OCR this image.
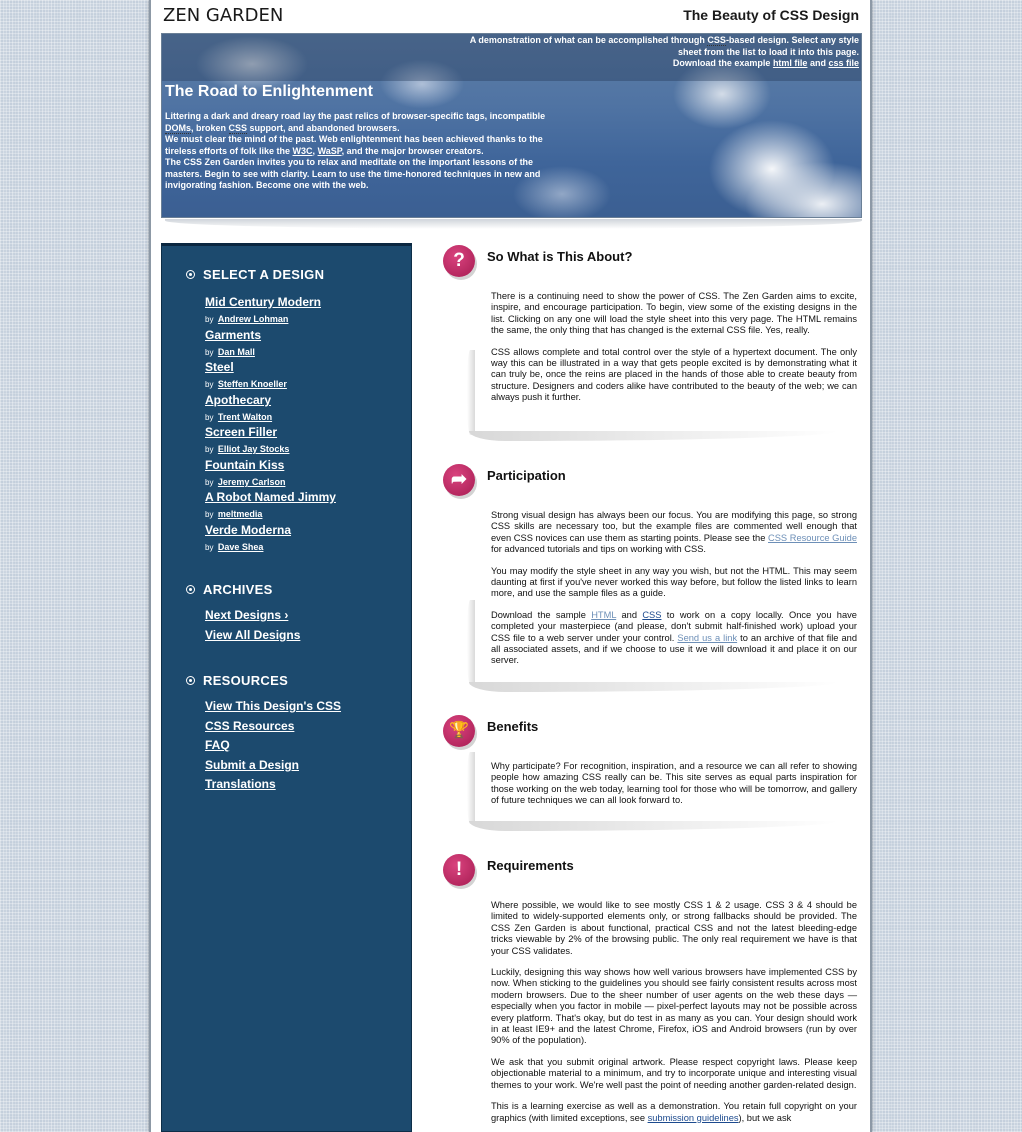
ZEN GARDEN	The Beauty of CSS Design
A demonstration of what can be accomplished through CSS-based design. Select any style sheet from the list to load it into this page.
Download the example html file and css file
The Road to Enlightenment
Littering a dark and dreary road lay the past relics of browser-specific tags, incompatible DOMs, broken CSS support, and abandoned browsers.
We must clear the mind of the past. Web enlightenment has been achieved thanks to the tireless efforts of folk like the W3C, WaSP, and the major browser creators.
The CSS Zen Garden invites you to relax and meditate on the important lessons of the masters. Begin to see with clarity. Learn to use the time-honored techniques in new and invigorating fashion. Become one with the web.
SELECT A DESIGN
Mid Century Modern
by Andrew Lohman
Garments
by Dan Mall
Steel
by Steffen Knoeller
Apothecary
by Trent Walton
Screen Filler
by Elliot Jay Stocks
Fountain Kiss
by Jeremy Carlson
A Robot Named Jimmy
by meltmedia
Verde Moderna
by Dave Shea
ARCHIVES
Next Designs ›
View All Designs
RESOURCES
View This Design's CSS
CSS Resources
FAQ
Submit a Design
Translations
?	So What is This About?

There is a continuing need to show the power of CSS. The Zen Garden aims to excite, inspire, and encourage participation. To begin, view some of the existing designs in the list. Clicking on any one will load the style sheet into this very page. The HTML remains the same, the only thing that has changed is the external CSS file. Yes, really.

CSS allows complete and total control over the style of a hypertext document. The only way this can be illustrated in a way that gets people excited is by demonstrating what it can truly be, once the reins are placed in the hands of those able to create beauty from structure. Designers and coders alike have contributed to the beauty of the web; we can always push it further.

➦	Participation

Strong visual design has always been our focus. You are modifying this page, so strong CSS skills are necessary too, but the example files are commented well enough that even CSS novices can use them as starting points. Please see the CSS Resource Guide for advanced tutorials and tips on working with CSS.

You may modify the style sheet in any way you wish, but not the HTML. This may seem daunting at first if you've never worked this way before, but follow the listed links to learn more, and use the sample files as a guide.

Download the sample HTML and CSS to work on a copy locally. Once you have completed your masterpiece (and please, don't submit half-finished work) upload your CSS file to a web server under your control. Send us a link to an archive of that file and all associated assets, and if we choose to use it we will download it and place it on our server.

🏆	Benefits

Why participate? For recognition, inspiration, and a resource we can all refer to showing people how amazing CSS really can be. This site serves as equal parts inspiration for those working on the web today, learning tool for those who will be tomorrow, and gallery of future techniques we can all look forward to.

!	Requirements

Where possible, we would like to see mostly CSS 1 & 2 usage. CSS 3 & 4 should be limited to widely-supported elements only, or strong fallbacks should be provided. The CSS Zen Garden is about functional, practical CSS and not the latest bleeding-edge tricks viewable by 2% of the browsing public. The only real requirement we have is that your CSS validates.

Luckily, designing this way shows how well various browsers have implemented CSS by now. When sticking to the guidelines you should see fairly consistent results across most modern browsers. Due to the sheer number of user agents on the web these days — especially when you factor in mobile — pixel-perfect layouts may not be possible across every platform. That's okay, but do test in as many as you can. Your design should work in at least IE9+ and the latest Chrome, Firefox, iOS and Android browsers (run by over 90% of the population).

We ask that you submit original artwork. Please respect copyright laws. Please keep objectionable material to a minimum, and try to incorporate unique and interesting visual themes to your work. We're well past the point of needing another garden-related design.

This is a learning exercise as well as a demonstration. You retain full copyright on your graphics (with limited exceptions, see submission guidelines), but we ask
